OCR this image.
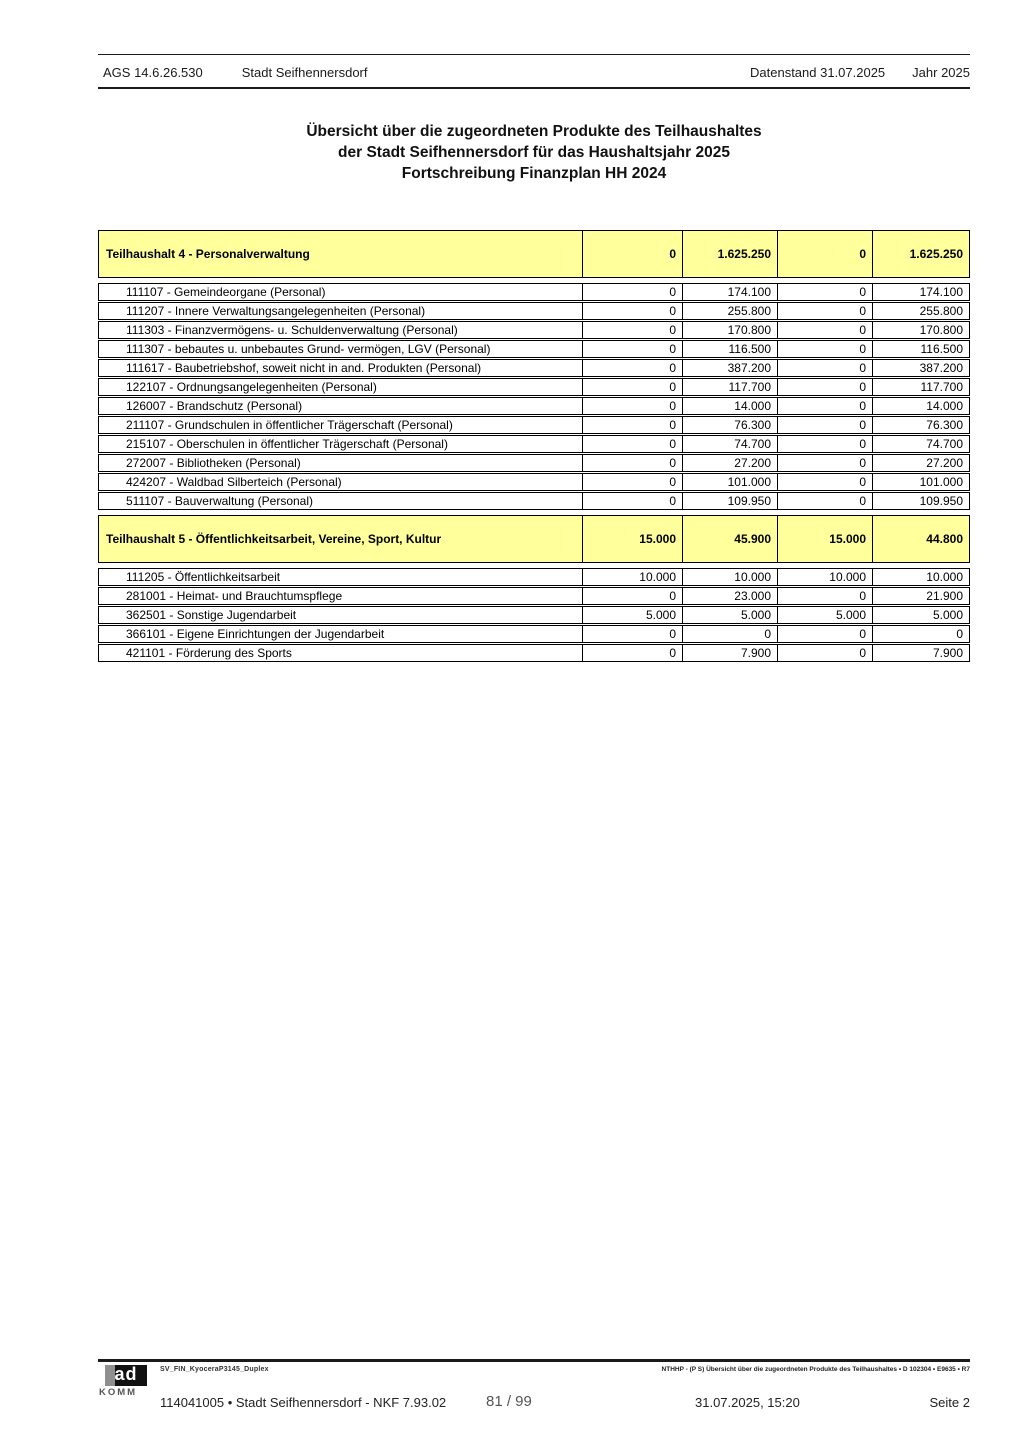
AGS 14.6.26.530	Stadt Seifhennersdorf	Datenstand 31.07.2025	Jahr 2025
Übersicht über die zugeordneten Produkte des Teilhaushaltes
der Stadt Seifhennersdorf für das Haushaltsjahr 2025
Fortschreibung Finanzplan HH 2024
Teilhaushalt 4 - Personalverwaltung	0	1.625.250	0	1.625.250
111107 - Gemeindeorgane (Personal)	0	174.100	0	174.100
111207 - Innere Verwaltungsangelegenheiten (Personal)	0	255.800	0	255.800
111303 - Finanzvermögens- u. Schuldenverwaltung (Personal)	0	170.800	0	170.800
111307 - bebautes u. unbebautes Grund- vermögen, LGV (Personal)	0	116.500	0	116.500
111617 - Baubetriebshof, soweit nicht in and. Produkten (Personal)	0	387.200	0	387.200
122107 - Ordnungsangelegenheiten (Personal)	0	117.700	0	117.700
126007 - Brandschutz (Personal)	0	14.000	0	14.000
211107 - Grundschulen in öffentlicher Trägerschaft (Personal)	0	76.300	0	76.300
215107 - Oberschulen in öffentlicher Trägerschaft (Personal)	0	74.700	0	74.700
272007 - Bibliotheken (Personal)	0	27.200	0	27.200
424207 - Waldbad Silberteich (Personal)	0	101.000	0	101.000
511107 - Bauverwaltung (Personal)	0	109.950	0	109.950
Teilhaushalt 5 - Öffentlichkeitsarbeit, Vereine, Sport, Kultur	15.000	45.900	15.000	44.800
111205 - Öffentlichkeitsarbeit	10.000	10.000	10.000	10.000
281001 - Heimat- und Brauchtumspflege	0	23.000	0	21.900
362501 - Sonstige Jugendarbeit	5.000	5.000	5.000	5.000
366101 - Eigene Einrichtungen der Jugendarbeit	0	0	0	0
421101 - Förderung des Sports	0	7.900	0	7.900
ad
KOMM
SV_FIN_KyoceraP3145_Duplex	NTHHP - (P S) Übersicht über die zugeordneten Produkte des Teilhaushaltes • D 102304 • E9635 • R7
114041005 • Stadt Seifhennersdorf - NKF 7.93.02	81 / 99	31.07.2025, 15:20	Seite 2
